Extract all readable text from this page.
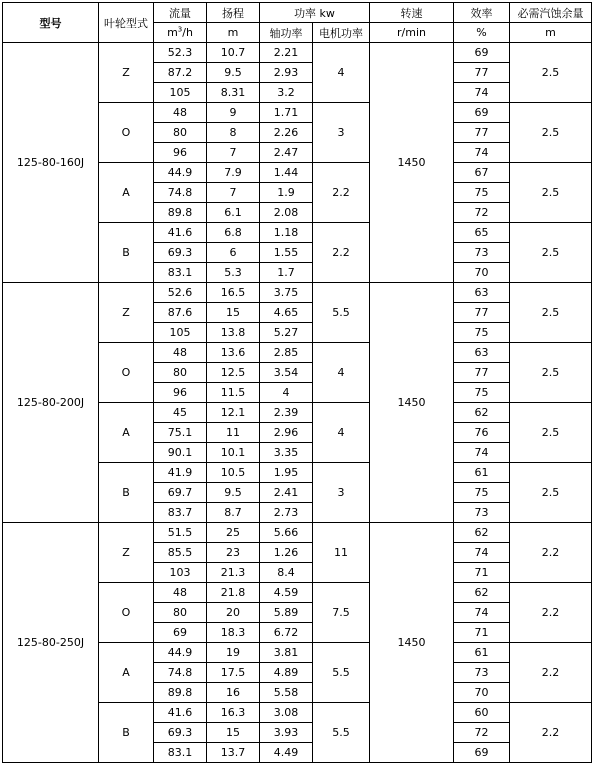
型号	叶轮型式	流量	扬程	功率 kw		转速	效率	必需汽蚀余量
		$m^3/h$	m	轴功率	电机功率	r/min	%	m
125-80-160J	Z	52.3	10.7	2.21	4	1450	69	2.5
		87.2	9.5	2.93			77	
		105	8.31	3.2			74	
	O	48	9	1.71	3		69	2.5
		80	8	2.26			77	
		96	7	2.47			74	
	A	44.9	7.9	1.44	2.2		67	2.5
		74.8	7	1.9			75	
		89.8	6.1	2.08			72	
	B	41.6	6.8	1.18	2.2		65	2.5
		69.3	6	1.55			73	
		83.1	5.3	1.7			70	
125-80-200J	Z	52.6	16.5	3.75	5.5	1450	63	2.5
		87.6	15	4.65			77	
		105	13.8	5.27			75	
	O	48	13.6	2.85	4		63	2.5
		80	12.5	3.54			77	
		96	11.5	4			75	
	A	45	12.1	2.39	4		62	2.5
		75.1	11	2.96			76	
		90.1	10.1	3.35			74	
	B	41.9	10.5	1.95	3		61	2.5
		69.7	9.5	2.41			75	
		83.7	8.7	2.73			73	
125-80-250J	Z	51.5	25	5.66	11	1450	62	2.2
		85.5	23	1.26			74	
		103	21.3	8.4			71	
	O	48	21.8	4.59	7.5		62	2.2
		80	20	5.89			74	
		69	18.3	6.72			71	
	A	44.9	19	3.81	5.5		61	2.2
		74.8	17.5	4.89			73	
		89.8	16	5.58			70	
	B	41.6	16.3	3.08	5.5		60	2.2
		69.3	15	3.93			72	
		83.1	13.7	4.49			69	
